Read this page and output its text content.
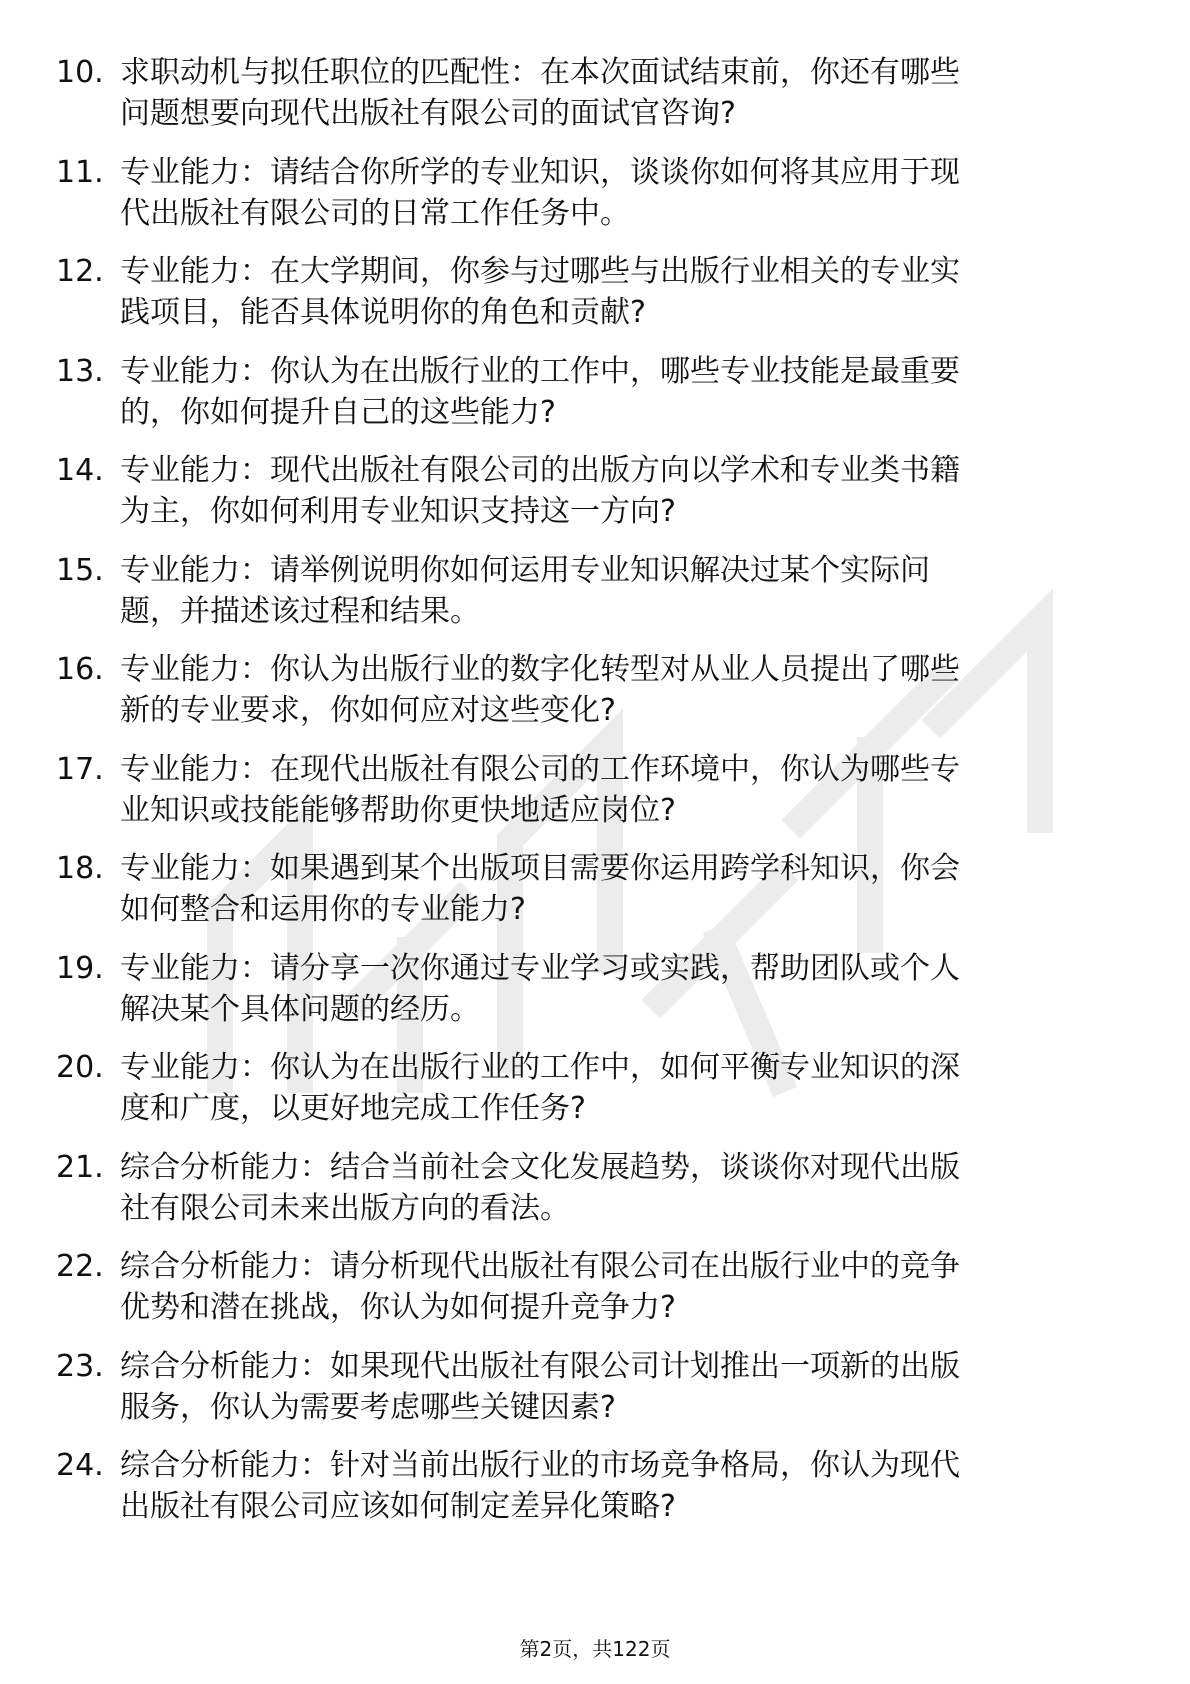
10. 求职动机与拟任职位的匹配性：在本次面试结束前，你还有哪些
问题想要向现代出版社有限公司的面试官咨询?
11. 专业能力：请结合你所学的专业知识，谈谈你如何将其应用于现
代出版社有限公司的日常工作任务中。
12. 专业能力：在大学期间，你参与过哪些与出版行业相关的专业实
践项目，能否具体说明你的角色和贡献?
13. 专业能力：你认为在出版行业的工作中，哪些专业技能是最重要
的，你如何提升自己的这些能力?
14. 专业能力：现代出版社有限公司的出版方向以学术和专业类书籍
为主，你如何利用专业知识支持这一方向?
15. 专业能力：请举例说明你如何运用专业知识解决过某个实际问
题，并描述该过程和结果。
16. 专业能力：你认为出版行业的数字化转型对从业人员提出了哪些
新的专业要求，你如何应对这些变化?
17. 专业能力：在现代出版社有限公司的工作环境中，你认为哪些专
业知识或技能能够帮助你更快地适应岗位?
18. 专业能力：如果遇到某个出版项目需要你运用跨学科知识，你会
如何整合和运用你的专业能力?
19. 专业能力：请分享一次你通过专业学习或实践，帮助团队或个人
解决某个具体问题的经历。
20. 专业能力：你认为在出版行业的工作中，如何平衡专业知识的深
度和广度，以更好地完成工作任务?
21. 综合分析能力：结合当前社会文化发展趋势，谈谈你对现代出版
社有限公司未来出版方向的看法。
22. 综合分析能力：请分析现代出版社有限公司在出版行业中的竞争
优势和潜在挑战，你认为如何提升竞争力?
23. 综合分析能力：如果现代出版社有限公司计划推出一项新的出版
服务，你认为需要考虑哪些关键因素?
24. 综合分析能力：针对当前出版行业的市场竞争格局，你认为现代
出版社有限公司应该如何制定差异化策略?
第2页，共122页
